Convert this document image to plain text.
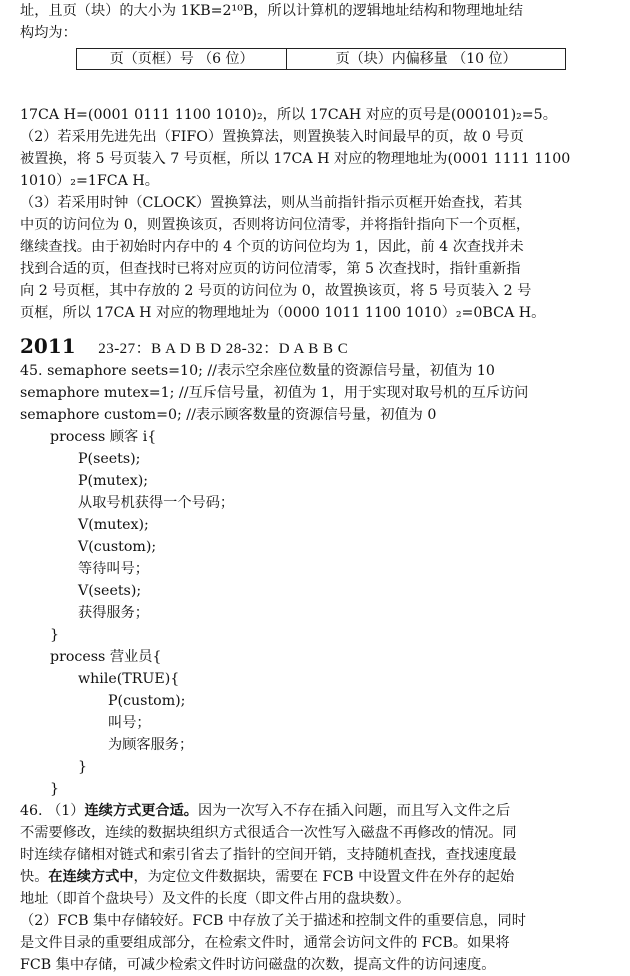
址，且页（块）的大小为 1KB=2¹⁰B，所以计算机的逻辑地址结构和物理地址结
构均为：
页（页框）号 （6 位）	页（块）内偏移量 （10 位）
17CA H=(0001 0111 1100 1010)₂，所以 17CAH 对应的页号是(000101)₂=5。
（2）若采用先进先出（FIFO）置换算法，则置换装入时间最早的页，故 0 号页
被置换，将 5 号页装入 7 号页框，所以 17CA H 对应的物理地址为(0001 1111 1100
1010）₂=1FCA H。
（3）若采用时钟（CLOCK）置换算法，则从当前指针指示页框开始查找，若其
中页的访问位为 0，则置换该页，否则将访问位清零，并将指针指向下一个页框，
继续查找。由于初始时内存中的 4 个页的访问位均为 1，因此，前 4 次查找并未
找到合适的页，但查找时已将对应页的访问位清零，第 5 次查找时，指针重新指
向 2 号页框，其中存放的 2 号页的访问位为 0，故置换该页，将 5 号页装入 2 号
页框，所以 17CA H 对应的物理地址为（0000 1011 1100 1010）₂=0BCA H。
2011 23-27：B A D B D 28-32：D A B B C
45. semaphore seets=10; //表示空余座位数量的资源信号量，初值为 10
semaphore mutex=1; //互斥信号量，初值为 1，用于实现对取号机的互斥访问
semaphore custom=0; //表示顾客数量的资源信号量，初值为 0
process 顾客 i{
P(seets);
P(mutex);
从取号机获得一个号码；
V(mutex);
V(custom);
等待叫号；
V(seets);
获得服务；
}
process 营业员{
while(TRUE){
P(custom);
叫号；
为顾客服务；
}
}
46. （1）连续方式更合适。因为一次写入不存在插入问题，而且写入文件之后
不需要修改，连续的数据块组织方式很适合一次性写入磁盘不再修改的情况。同
时连续存储相对链式和索引省去了指针的空间开销，支持随机查找，查找速度最
快。在连续方式中，为定位文件数据块，需要在 FCB 中设置文件在外存的起始
地址（即首个盘块号）及文件的长度（即文件占用的盘块数）。
（2）FCB 集中存储较好。FCB 中存放了关于描述和控制文件的重要信息，同时
是文件目录的重要组成部分，在检索文件时，通常会访问文件的 FCB。如果将
FCB 集中存储，可减少检索文件时访问磁盘的次数，提高文件的访问速度。
